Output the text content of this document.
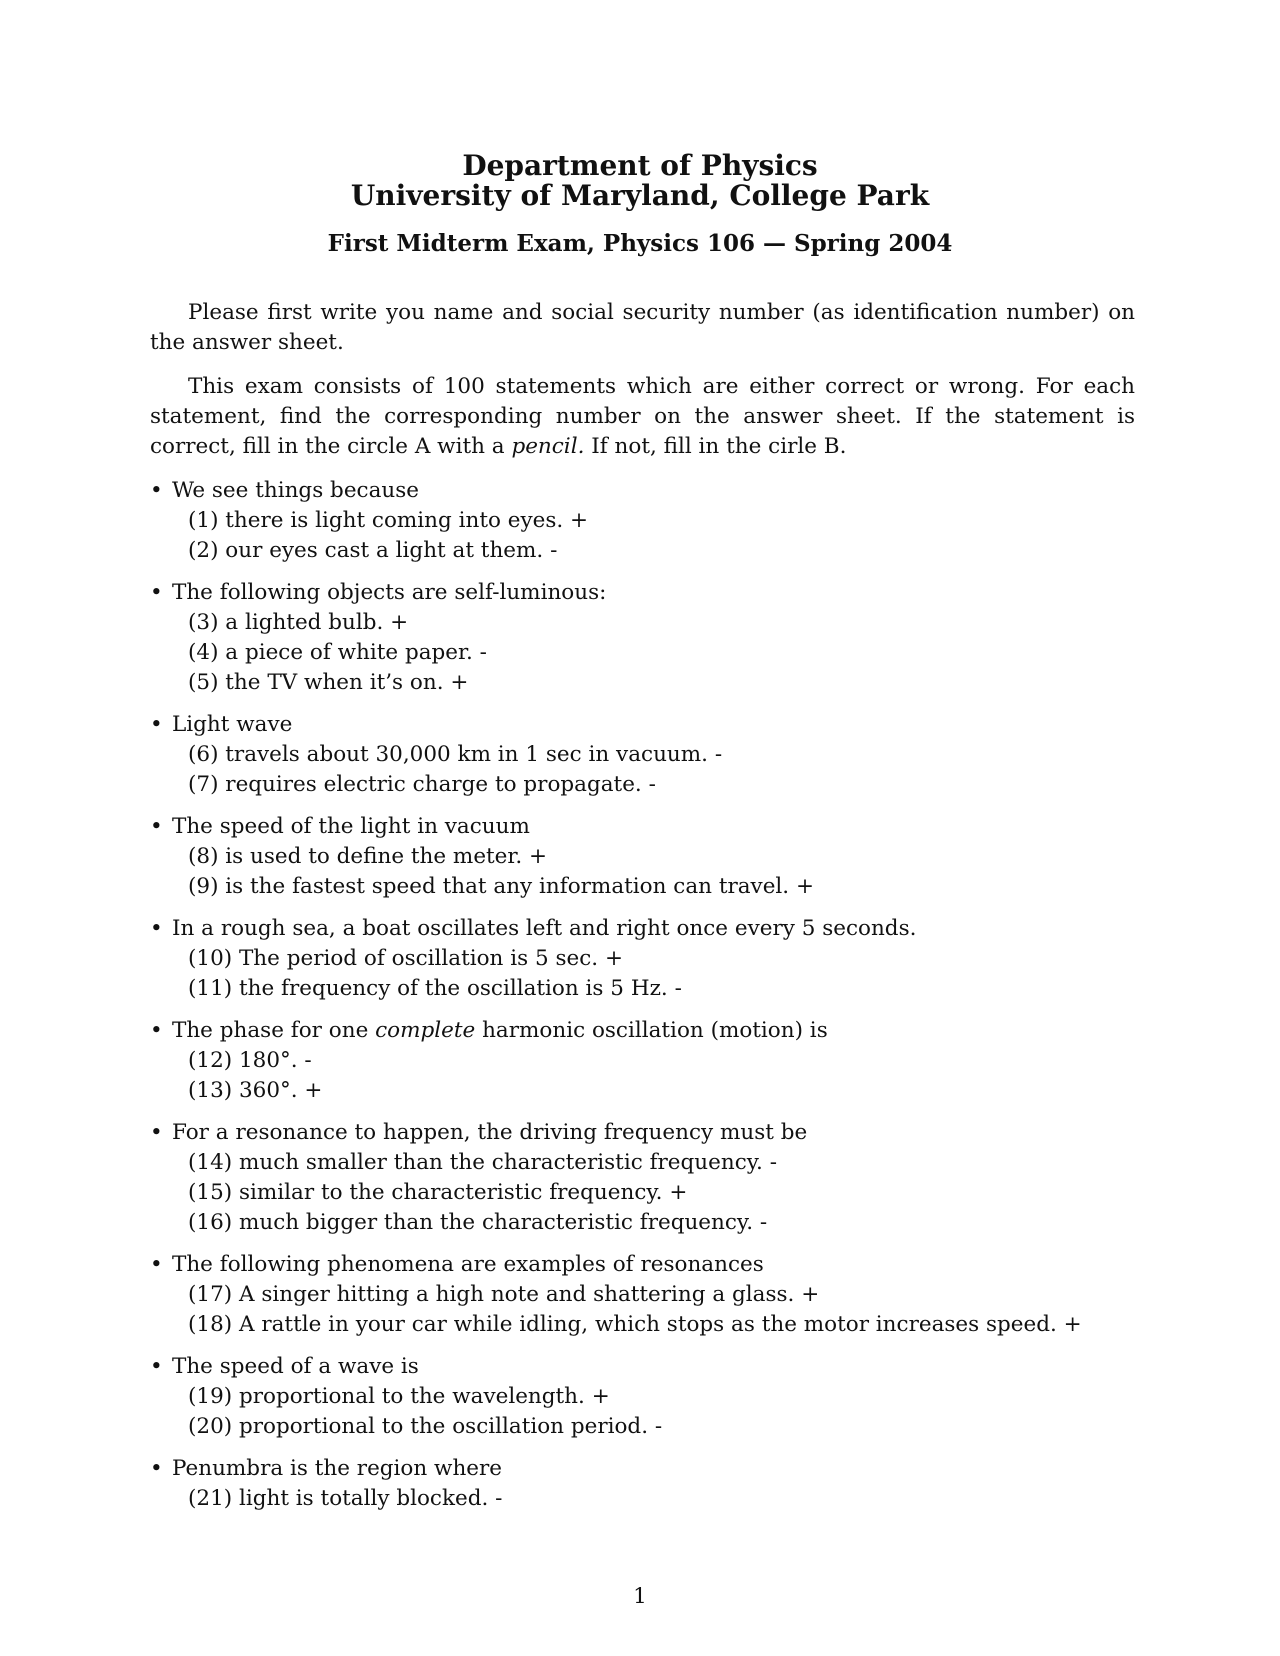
Department of Physics
University of Maryland, College Park
First Midterm Exam, Physics 106 — Spring 2004

Please first write you name and social security number (as identification number) on the answer sheet.

This exam consists of 100 statements which are either correct or wrong. For each statement, find the corresponding number on the answer sheet. If the statement is correct, fill in the circle A with a pencil. If not, fill in the cirle B.

• We see things because
(1) there is light coming into eyes. +
(2) our eyes cast a light at them. -
• The following objects are self-luminous:
(3) a lighted bulb. +
(4) a piece of white paper. -
(5) the TV when it’s on. +
• Light wave
(6) travels about 30,000 km in 1 sec in vacuum. -
(7) requires electric charge to propagate. -
• The speed of the light in vacuum
(8) is used to define the meter. +
(9) is the fastest speed that any information can travel. +
• In a rough sea, a boat oscillates left and right once every 5 seconds.
(10) The period of oscillation is 5 sec. +
(11) the frequency of the oscillation is 5 Hz. -
• The phase for one complete harmonic oscillation (motion) is
(12) 180°. -
(13) 360°. +
• For a resonance to happen, the driving frequency must be
(14) much smaller than the characteristic frequency. -
(15) similar to the characteristic frequency. +
(16) much bigger than the characteristic frequency. -
• The following phenomena are examples of resonances
(17) A singer hitting a high note and shattering a glass. +
(18) A rattle in your car while idling, which stops as the motor increases speed. +
• The speed of a wave is
(19) proportional to the wavelength. +
(20) proportional to the oscillation period. -
• Penumbra is the region where
(21) light is totally blocked. -
1
